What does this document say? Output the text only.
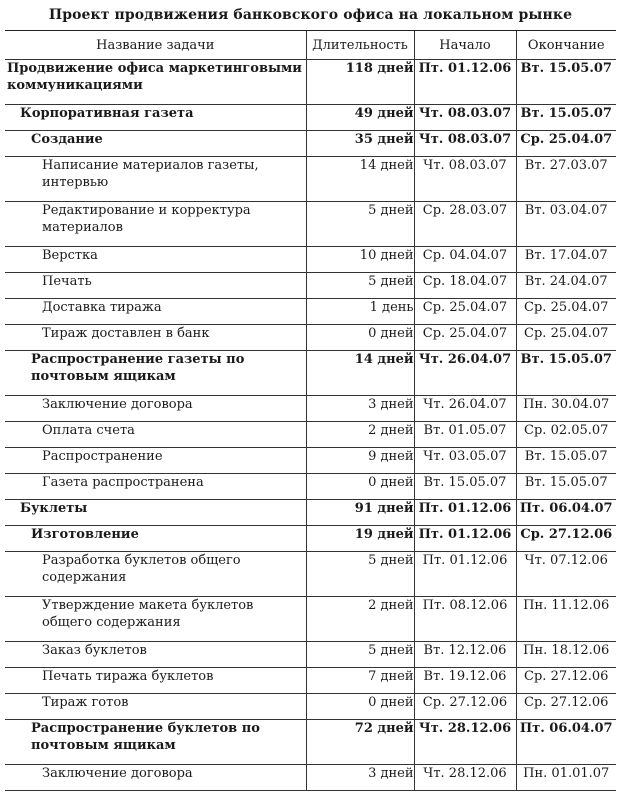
Проект продвижения банковского офиса на локальном рынке
Название задачи	Длительность	Начало	Окончание
Продвижение офиса маркетинговыми коммуникациями	118 дней	Пт. 01.12.06	Вт. 15.05.07
Корпоративная газета	49 дней	Чт. 08.03.07	Вт. 15.05.07
Создание	35 дней	Чт. 08.03.07	Ср. 25.04.07
Написание материалов газеты, интервью	14 дней	Чт. 08.03.07	Вт. 27.03.07
Редактирование и корректура материалов	5 дней	Ср. 28.03.07	Вт. 03.04.07
Верстка	10 дней	Ср. 04.04.07	Вт. 17.04.07
Печать	5 дней	Ср. 18.04.07	Вт. 24.04.07
Доставка тиража	1 день	Ср. 25.04.07	Ср. 25.04.07
Тираж доставлен в банк	0 дней	Ср. 25.04.07	Ср. 25.04.07
Распространение газеты по почтовым ящикам	14 дней	Чт. 26.04.07	Вт. 15.05.07
Заключение договора	3 дней	Чт. 26.04.07	Пн. 30.04.07
Оплата счета	2 дней	Вт. 01.05.07	Ср. 02.05.07
Распространение	9 дней	Чт. 03.05.07	Вт. 15.05.07
Газета распространена	0 дней	Вт. 15.05.07	Вт. 15.05.07
Буклеты	91 дней	Пт. 01.12.06	Пт. 06.04.07
Изготовление	19 дней	Пт. 01.12.06	Ср. 27.12.06
Разработка буклетов общего содержания	5 дней	Пт. 01.12.06	Чт. 07.12.06
Утверждение макета буклетов общего содержания	2 дней	Пт. 08.12.06	Пн. 11.12.06
Заказ буклетов	5 дней	Вт. 12.12.06	Пн. 18.12.06
Печать тиража буклетов	7 дней	Вт. 19.12.06	Ср. 27.12.06
Тираж готов	0 дней	Ср. 27.12.06	Ср. 27.12.06
Распространение буклетов по почтовым ящикам	72 дней	Чт. 28.12.06	Пт. 06.04.07
Заключение договора	3 дней	Чт. 28.12.06	Пн. 01.01.07
